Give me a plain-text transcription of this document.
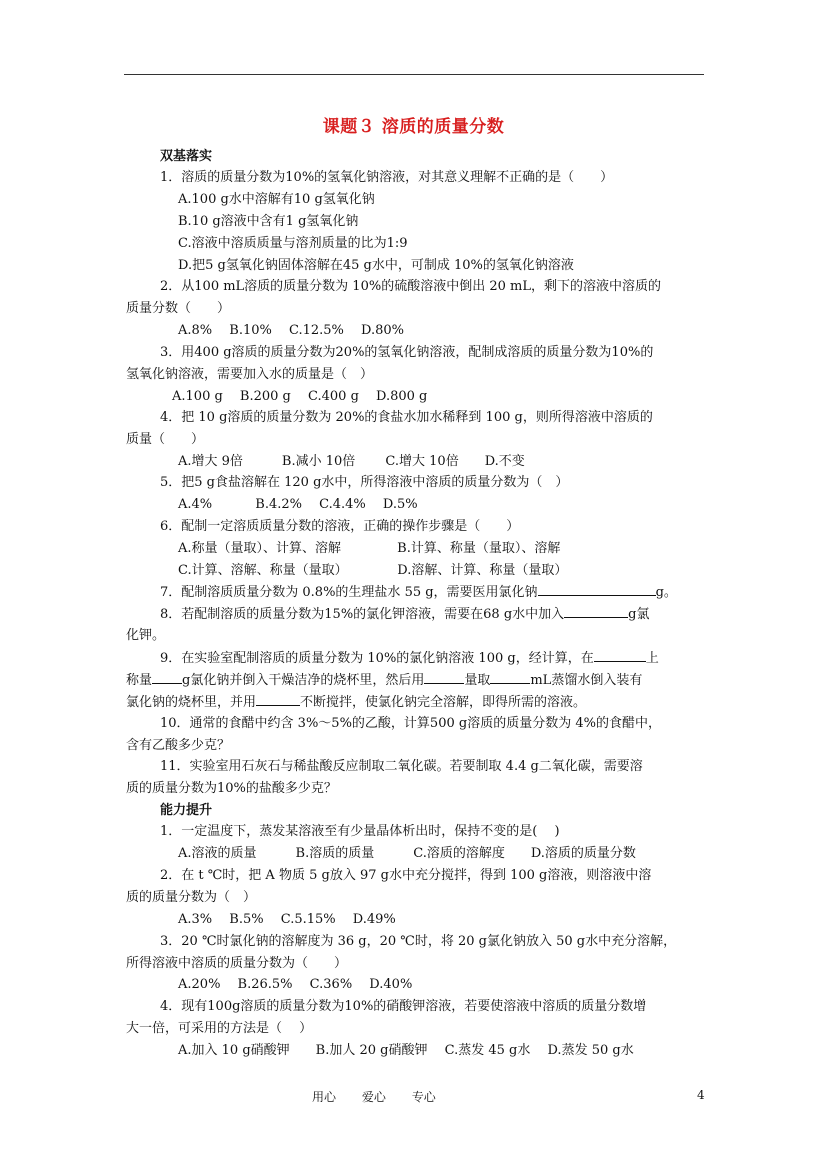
课题３ 溶质的质量分数
双基落实
1．溶质的质量分数为10%的氢氧化钠溶液，对其意义理解不正确的是（　　）
A.100 g水中溶解有10 g氢氧化钠
B.10 g溶液中含有1 g氢氧化钠
C.溶液中溶质质量与溶剂质量的比为1:9
D.把5 g氢氧化钠固体溶解在45 g水中，可制成 10%的氢氧化钠溶液
2．从100 mL溶质的质量分数为 10%的硫酸溶液中倒出 20 mL，剩下的溶液中溶质的
质量分数（　　）
A.8%　 B.10%　 C.12.5%　 D.80%
3．用400 g溶质的质量分数为20%的氢氧化钠溶液，配制成溶质的质量分数为10%的
氢氧化钠溶液，需要加入水的质量是（　）
A.100 g　 B.200 g　 C.400 g　 D.800 g
4．把 10 g溶质的质量分数为 20%的食盐水加水稀释到 100 g，则所得溶液中溶质的
质量（　　）
A.增大 9倍　　　B.减小 10倍　　 C.增大 10倍　　D.不变
5．把5 g食盐溶解在 120 g水中，所得溶液中溶质的质量分数为（　）
A.4%　　　 B.4.2%　 C.4.4%　 D.5%
6．配制一定溶质质量分数的溶液，正确的操作步骤是（　　）
A.称量（量取）、计算、溶解　　　　 B.计算、称量（量取）、溶解
C.计算、溶解、称量（量取）　　　　 D.溶解、计算、称量（量取）
7．配制溶质质量分数为 0.8%的生理盐水 55 g，需要医用氯化钠	g。
8．若配制溶质的质量分数为15%的氯化钾溶液，需要在68 g水中加入	g氯
化钾。
9．在实验室配制溶质的质量分数为 10%的氯化钠溶液 100 g，经计算，在	上
称量 g氯化钠并倒入干燥洁净的烧杯里，然后用	量取	mL蒸馏水倒入装有
氯化钠的烧杯里，并用	不断搅拌，使氯化钠完全溶解，即得所需的溶液。
10．通常的食醋中约含 3%～5%的乙酸，计算500 g溶质的质量分数为 4%的食醋中，
含有乙酸多少克？
11．实验室用石灰石与稀盐酸反应制取二氧化碳。若要制取 4.4 g二氧化碳，需要溶
质的质量分数为10%的盐酸多少克？
能力提升
1．一定温度下，蒸发某溶液至有少量晶体析出时，保持不变的是(　 )
A.溶液的质量　　　B.溶质的质量　　　C.溶质的溶解度　　D.溶质的质量分数
2．在 t ℃时，把 A 物质 5 g放入 97 g水中充分搅拌，得到 100 g溶液，则溶液中溶
质的质量分数为（　）
A.3%　 B.5%　 C.5.15%　 D.49%
3．20 ℃时氯化钠的溶解度为 36 g，20 ℃时，将 20 g氯化钠放入 50 g水中充分溶解，
所得溶液中溶质的质量分数为（　　）
A.20%　 B.26.5%　 C.36%　 D.40%
4．现有100g溶质的质量分数为10%的硝酸钾溶液，若要使溶液中溶质的质量分数增
大一倍，可采用的方法是（　 ）
A.加入 10 g硝酸钾　　B.加人 20 g硝酸钾　 C.蒸发 45 g水　 D.蒸发 50 g水
用心 爱心 专心	4
